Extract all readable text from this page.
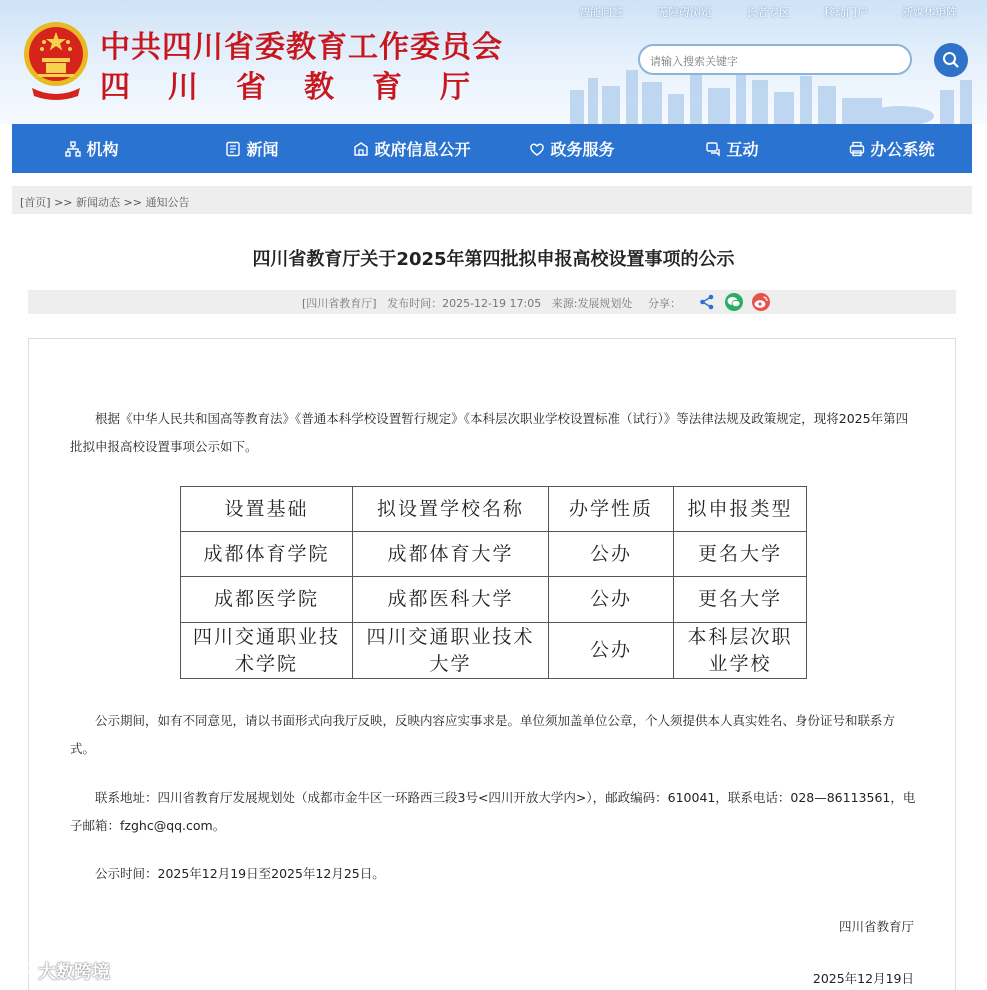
中共四川省委教育工作委员会
四川省教育厅
智能问答	无障碍浏览	长者专区	移动门户	新媒体矩阵
请输入搜索关键字
机构	新闻	政府信息公开	政务服务	互动	办公系统
[首页] >> 新闻动态 >> 通知公告
四川省教育厅关于2025年第四批拟申报高校设置事项的公示
[四川省教育厅] 发布时间：2025-12-19 17:05 来源:发展规划处 分享：

根据《中华人民共和国高等教育法》《普通本科学校设置暂行规定》《本科层次职业学校设置标准（试行）》等法律法规及政策规定，现将2025年第四批拟申报高校设置事项公示如下。

设置基础	拟设置学校名称	办学性质	拟申报类型
成都体育学院	成都体育大学	公办	更名大学
成都医学院	成都医科大学	公办	更名大学
四川交通职业技术学院	四川交通职业技术大学	公办	本科层次职业学校

公示期间，如有不同意见，请以书面形式向我厅反映，反映内容应实事求是。单位须加盖单位公章，个人须提供本人真实姓名、身份证号和联系方式。

联系地址：四川省教育厅发展规划处（成都市金牛区一环路西三段3号<四川开放大学内>），邮政编码：610041，联系电话：028—86113561，电子邮箱：fzghc@qq.com。

公示时间：2025年12月19日至2025年12月25日。

四川省教育厅
2025年12月19日
大数跨境
